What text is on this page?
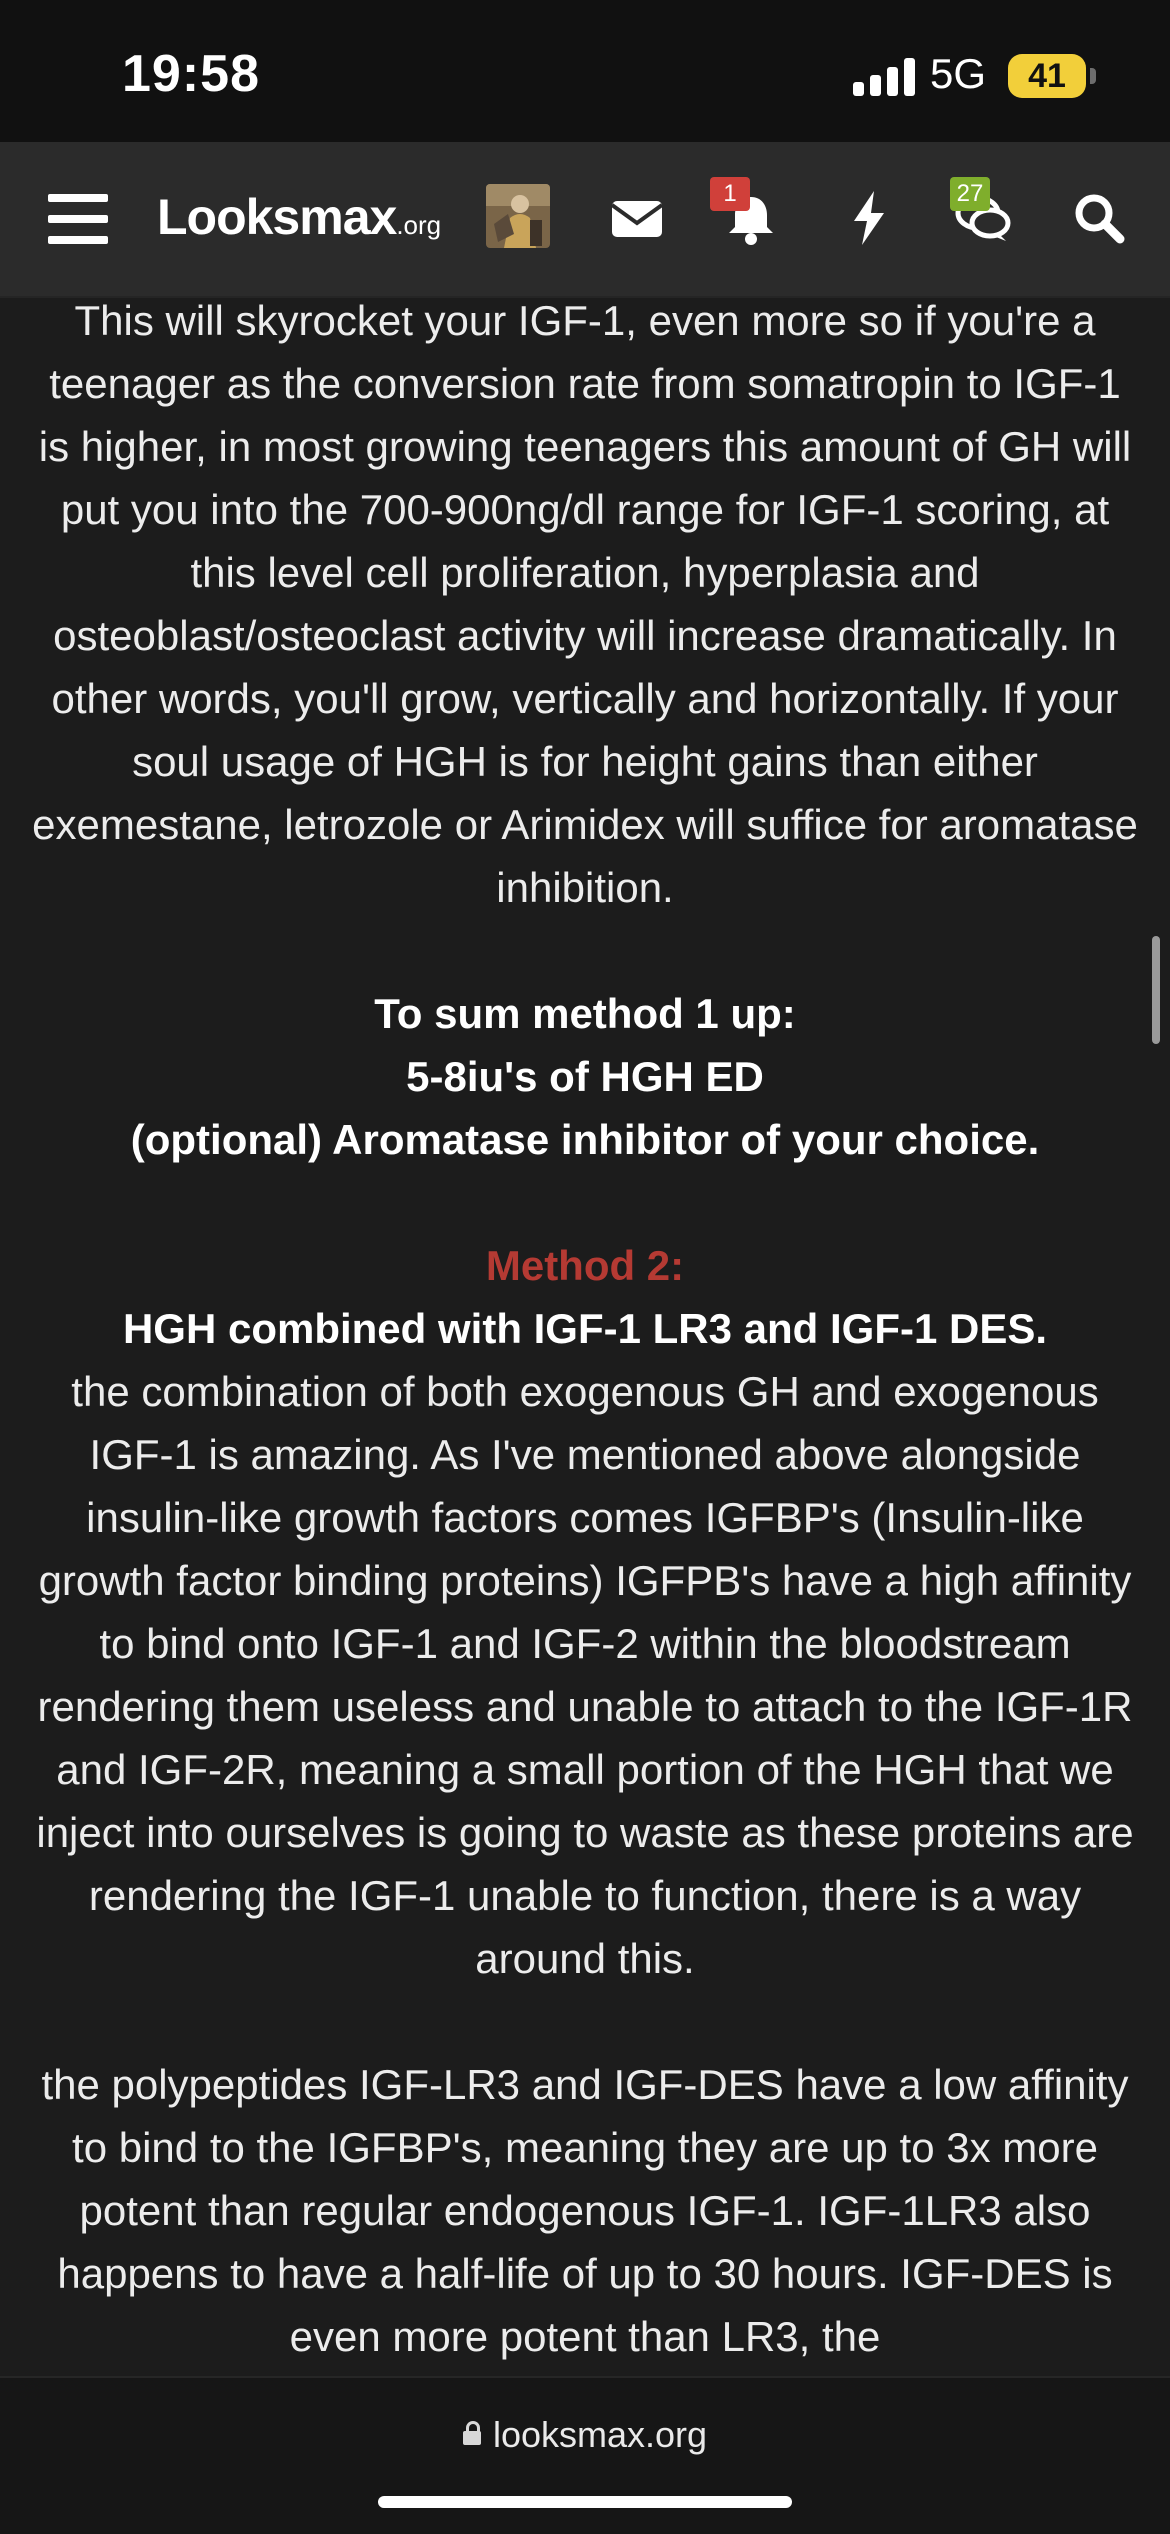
19:58	5G	41
Looksmax.org
1	27

This will skyrocket your IGF-1, even more so if you're a teenager as the conversion rate from somatropin to IGF-1 is higher, in most growing teenagers this amount of GH will put you into the 700-900ng/dl range for IGF-1 scoring, at this level cell proliferation, hyperplasia and osteoblast/osteoclast activity will increase dramatically. In other words, you'll grow, vertically and horizontally. If your soul usage of HGH is for height gains than either exemestane, letrozole or Arimidex will suffice for aromatase inhibition.

To sum method 1 up:

5-8iu's of HGH ED

(optional) Aromatase inhibitor of your choice.

Method 2:

HGH combined with IGF-1 LR3 and IGF-1 DES.

the combination of both exogenous GH and exogenous IGF-1 is amazing. As I've mentioned above alongside insulin-like growth factors comes IGFBP's (Insulin-like growth factor binding proteins) IGFPB's have a high affinity to bind onto IGF-1 and IGF-2 within the bloodstream rendering them useless and unable to attach to the IGF-1R and IGF-2R, meaning a small portion of the HGH that we inject into ourselves is going to waste as these proteins are rendering the IGF-1 unable to function, there is a way around this.

the polypeptides IGF-LR3 and IGF-DES have a low affinity to bind to the IGFBP's, meaning they are up to 3x more potent than regular endogenous IGF-1. IGF-1LR3 also happens to have a half-life of up to 30 hours. IGF-DES is even more potent than LR3, the

looksmax.org
